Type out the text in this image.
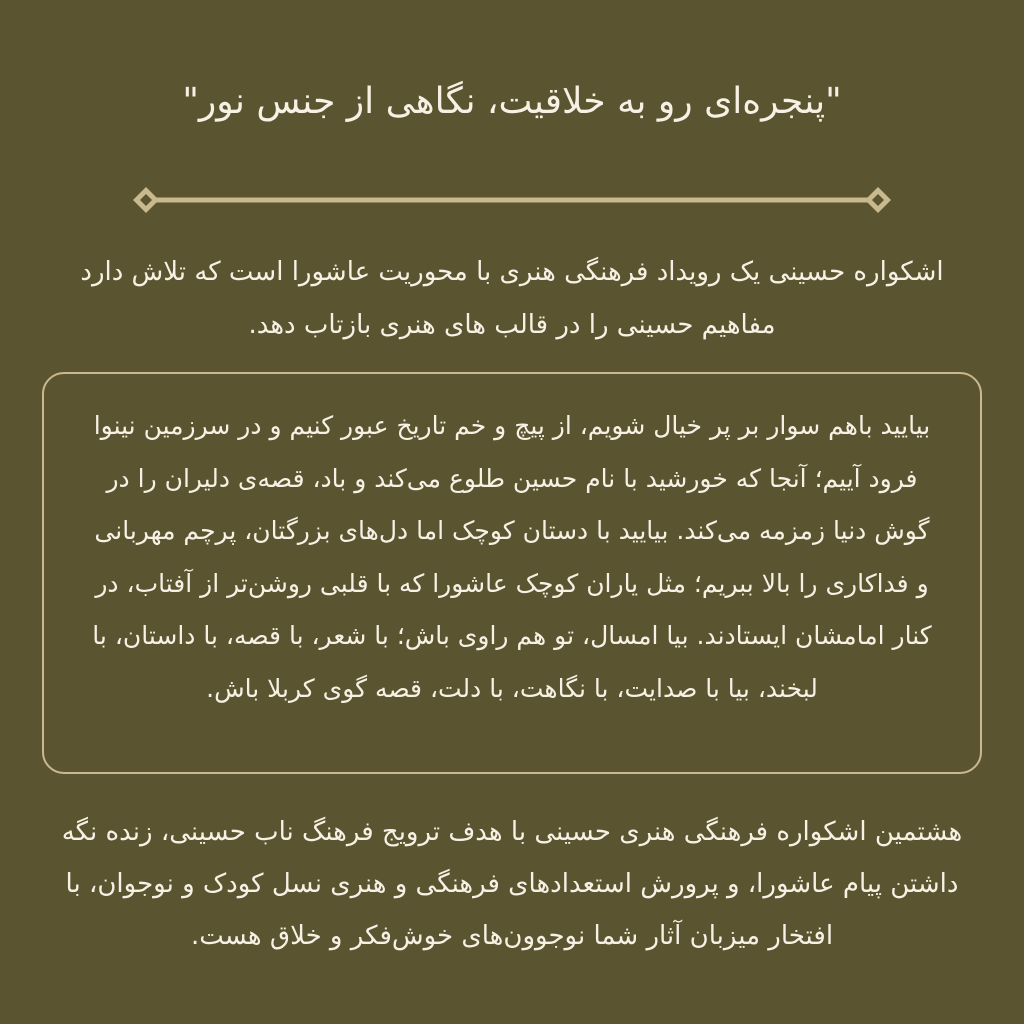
"پنجره‌ای رو به خلاقیت، نگاهی از جنس نور"

اشکواره حسینی یک رویداد فرهنگی هنری با محوریت عاشورا است که تلاش دارد مفاهیم حسینی را در قالب های هنری بازتاب دهد.

بیایید باهم سوار بر پر خیال شویم، از پیچ و خم تاریخ عبور کنیم و در سرزمین نینوا فرود آییم؛ آنجا که خورشید با نام حسین طلوع می‌کند و باد، قصه‌ی دلیران را در گوش دنیا زمزمه می‌کند. بیایید با دستان کوچک اما دل‌های بزرگتان، پرچم مهربانی و فداکاری را بالا ببریم؛ مثل یاران کوچک عاشورا که با قلبی روشن‌تر از آفتاب، در کنار امامشان ایستادند. بیا امسال، تو هم راوی باش؛ با شعر، با قصه، با داستان، با لبخند، بیا با صدایت، با نگاهت، با دلت، قصه گوی کربلا باش.

هشتمین اشکواره فرهنگی هنری حسینی با هدف ترویج فرهنگ ناب حسینی، زنده نگه داشتن پیام عاشورا، و پرورش استعدادهای فرهنگی و هنری نسل کودک و نوجوان، با افتخار میزبان آثار شما نوجوون‌های خوش‌فکر و خلاق هست.
